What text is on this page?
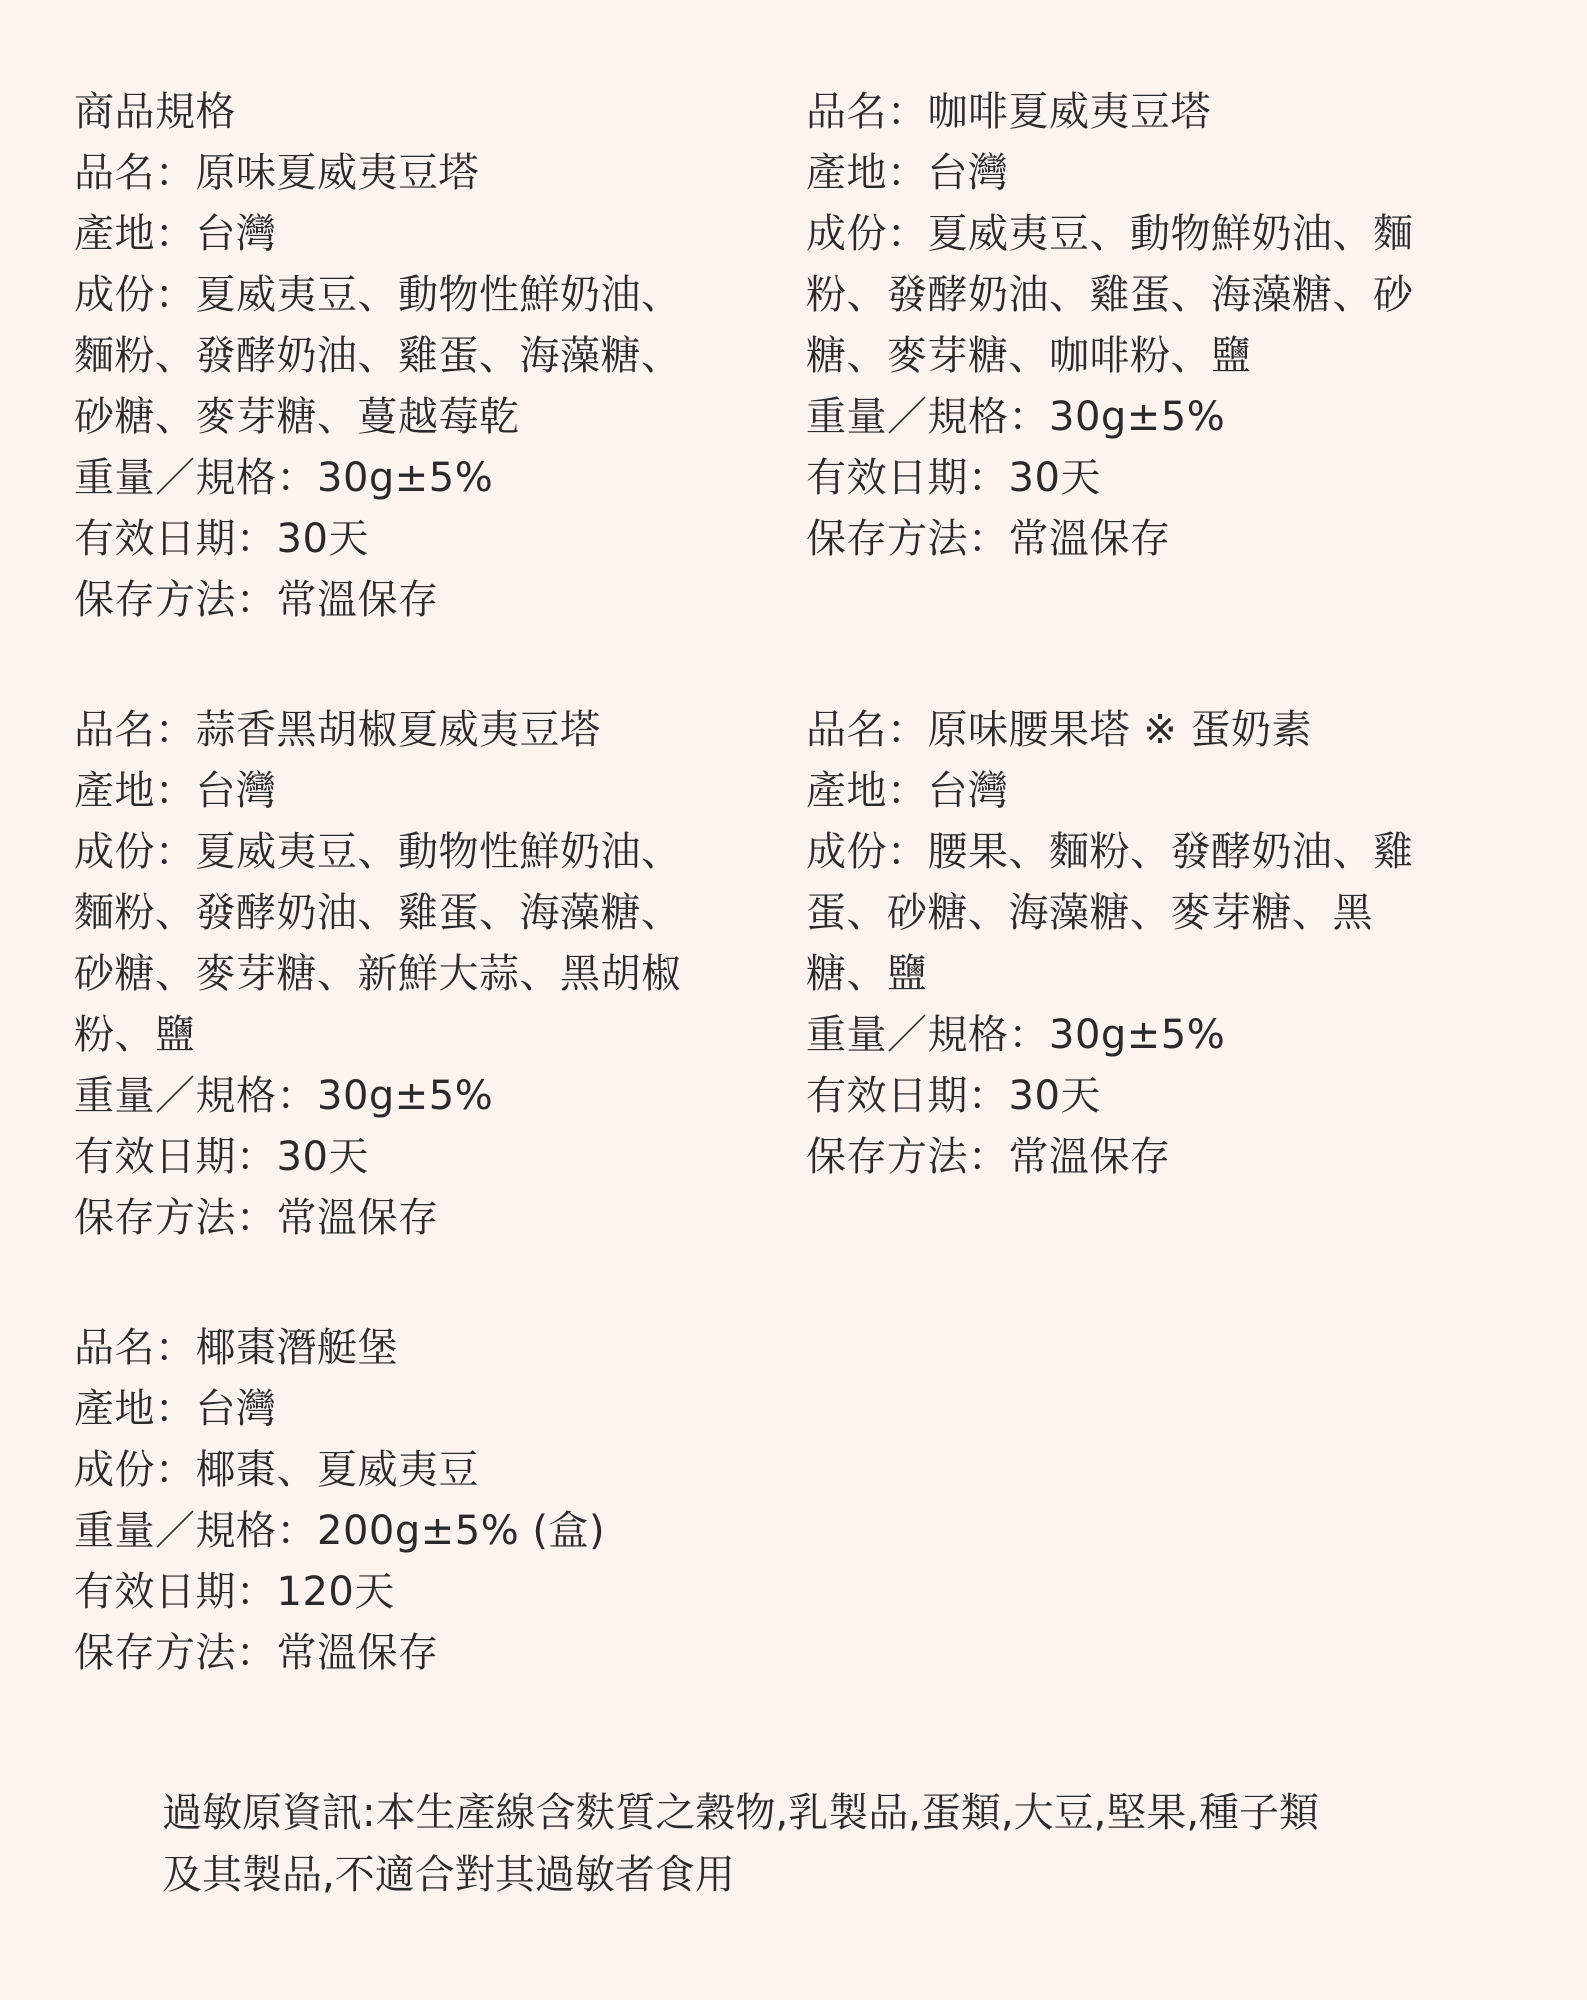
商品規格

品名：原味夏威夷豆塔

產地：台灣

成份：夏威夷豆、動物性鮮奶油、

麵粉、發酵奶油、雞蛋、海藻糖、

砂糖、麥芽糖、蔓越莓乾

重量／規格：30g±5%

有效日期：30天

保存方法：常溫保存

品名：咖啡夏威夷豆塔

產地：台灣

成份：夏威夷豆、動物鮮奶油、麵

粉、發酵奶油、雞蛋、海藻糖、砂

糖、麥芽糖、咖啡粉、鹽

重量／規格：30g±5%

有效日期：30天

保存方法：常溫保存

品名：蒜香黑胡椒夏威夷豆塔

產地：台灣

成份：夏威夷豆、動物性鮮奶油、

麵粉、發酵奶油、雞蛋、海藻糖、

砂糖、麥芽糖、新鮮大蒜、黑胡椒

粉、鹽

重量／規格：30g±5%

有效日期：30天

保存方法：常溫保存

品名：原味腰果塔 ※ 蛋奶素

產地：台灣

成份：腰果、麵粉、發酵奶油、雞

蛋、砂糖、海藻糖、麥芽糖、黑

糖、鹽

重量／規格：30g±5%

有效日期：30天

保存方法：常溫保存

品名：椰棗潛艇堡

產地：台灣

成份：椰棗、夏威夷豆

重量／規格：200g±5% (盒)

有效日期：120天

保存方法：常溫保存

過敏原資訊:本生產線含麩質之穀物,乳製品,蛋類,大豆,堅果,種子類

及其製品,不適合對其過敏者食用
